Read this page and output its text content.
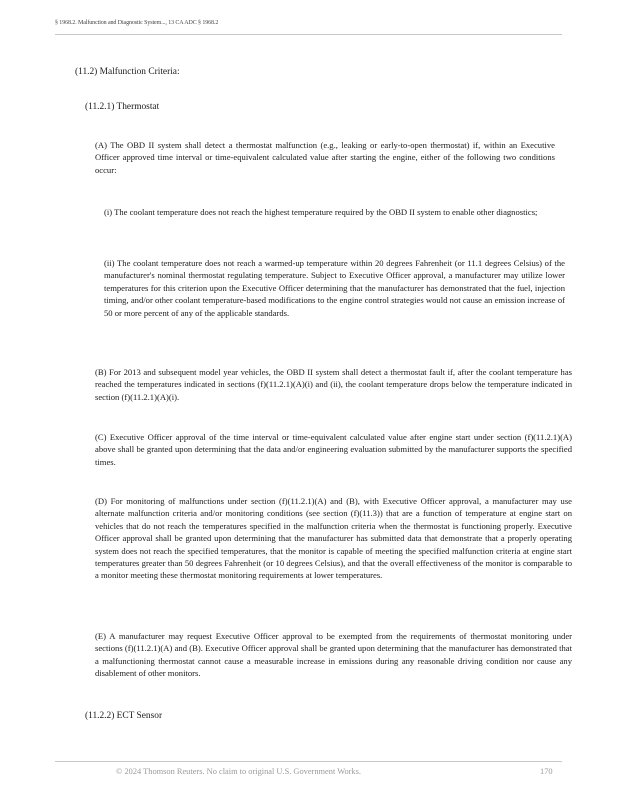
§ 1968.2. Malfunction and Diagnostic System..., 13 CA ADC § 1968.2
(11.2) Malfunction Criteria:
(11.2.1) Thermostat
(A) The OBD II system shall detect a thermostat malfunction (e.g., leaking or early-to-open thermostat) if, within an Executive Officer approved time interval or time-equivalent calculated value after starting the engine, either of the following two conditions occur:
(i) The coolant temperature does not reach the highest temperature required by the OBD II system to enable other diagnostics;
(ii) The coolant temperature does not reach a warmed-up temperature within 20 degrees Fahrenheit (or 11.1 degrees Celsius) of the manufacturer's nominal thermostat regulating temperature. Subject to Executive Officer approval, a manufacturer may utilize lower temperatures for this criterion upon the Executive Officer determining that the manufacturer has demonstrated that the fuel, injection timing, and/or other coolant temperature-based modifications to the engine control strategies would not cause an emission increase of 50 or more percent of any of the applicable standards.
(B) For 2013 and subsequent model year vehicles, the OBD II system shall detect a thermostat fault if, after the coolant temperature has reached the temperatures indicated in sections (f)(11.2.1)(A)(i) and (ii), the coolant temperature drops below the temperature indicated in section (f)(11.2.1)(A)(i).
(C) Executive Officer approval of the time interval or time-equivalent calculated value after engine start under section (f)(11.2.1)(A) above shall be granted upon determining that the data and/or engineering evaluation submitted by the manufacturer supports the specified times.
(D) For monitoring of malfunctions under section (f)(11.2.1)(A) and (B), with Executive Officer approval, a manufacturer may use alternate malfunction criteria and/or monitoring conditions (see section (f)(11.3)) that are a function of temperature at engine start on vehicles that do not reach the temperatures specified in the malfunction criteria when the thermostat is functioning properly. Executive Officer approval shall be granted upon determining that the manufacturer has submitted data that demonstrate that a properly operating system does not reach the specified temperatures, that the monitor is capable of meeting the specified malfunction criteria at engine start temperatures greater than 50 degrees Fahrenheit (or 10 degrees Celsius), and that the overall effectiveness of the monitor is comparable to a monitor meeting these thermostat monitoring requirements at lower temperatures.
(E) A manufacturer may request Executive Officer approval to be exempted from the requirements of thermostat monitoring under sections (f)(11.2.1)(A) and (B). Executive Officer approval shall be granted upon determining that the manufacturer has demonstrated that a malfunctioning thermostat cannot cause a measurable increase in emissions during any reasonable driving condition nor cause any disablement of other monitors.
(11.2.2) ECT Sensor
© 2024 Thomson Reuters. No claim to original U.S. Government Works.	170
